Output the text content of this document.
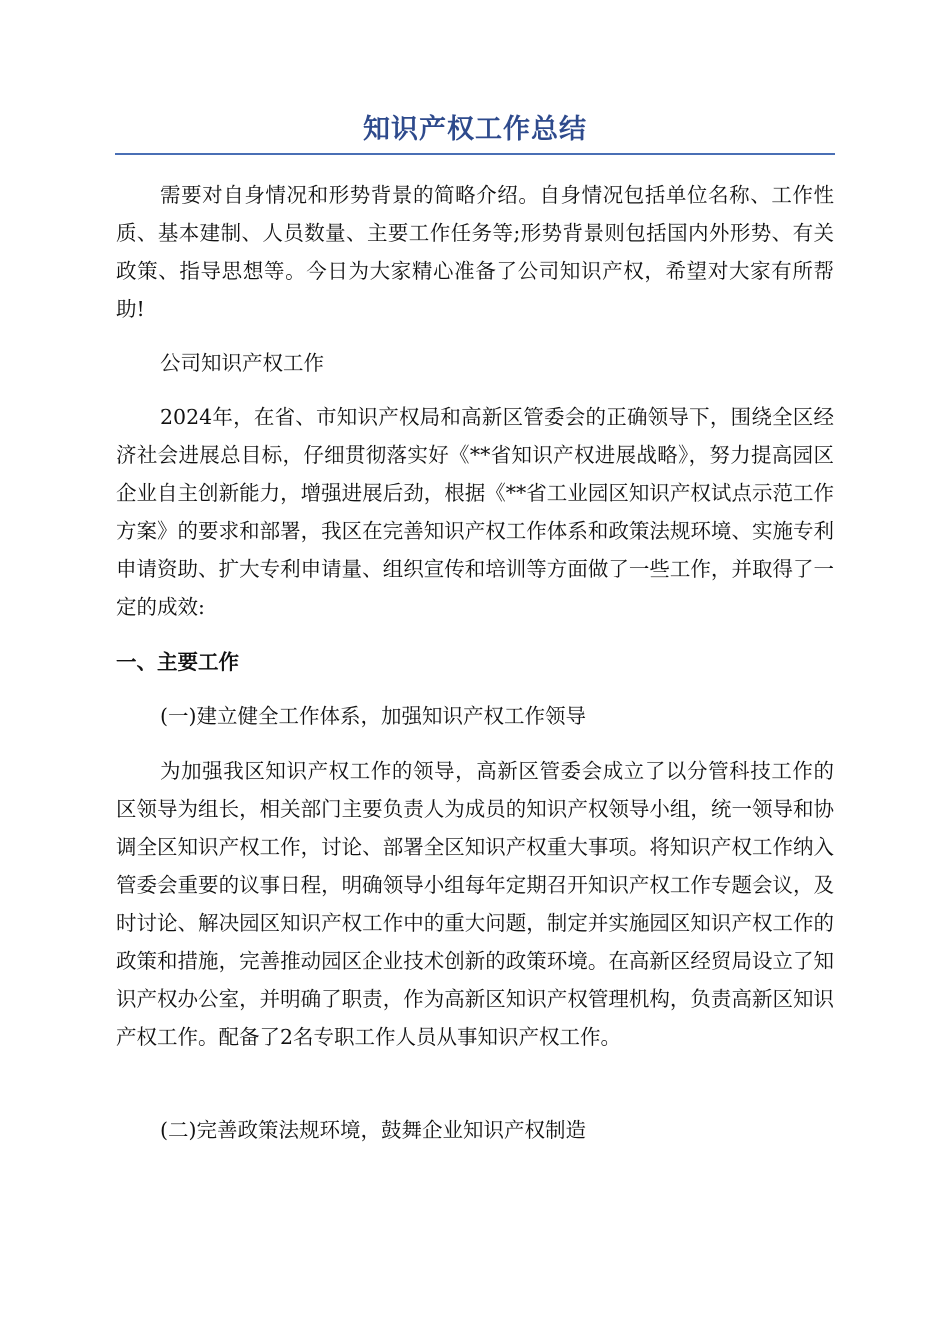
知识产权工作总结

需要对自身情况和形势背景的简略介绍。自身情况包括单位名称、工作性质、基本建制、人员数量、主要工作任务等;形势背景则包括国内外形势、有关政策、指导思想等。今日为大家精心准备了公司知识产权，希望对大家有所帮助!

公司知识产权工作

2024年，在省、市知识产权局和高新区管委会的正确领导下，围绕全区经济社会进展总目标，仔细贯彻落实好《**省知识产权进展战略》，努力提高园区企业自主创新能力，增强进展后劲，根据《**省工业园区知识产权试点示范工作方案》的要求和部署，我区在完善知识产权工作体系和政策法规环境、实施专利申请资助、扩大专利申请量、组织宣传和培训等方面做了一些工作，并取得了一定的成效:

一、主要工作

(一)建立健全工作体系，加强知识产权工作领导

为加强我区知识产权工作的领导，高新区管委会成立了以分管科技工作的区领导为组长，相关部门主要负责人为成员的知识产权领导小组，统一领导和协调全区知识产权工作，讨论、部署全区知识产权重大事项。将知识产权工作纳入管委会重要的议事日程，明确领导小组每年定期召开知识产权工作专题会议，及时讨论、解决园区知识产权工作中的重大问题，制定并实施园区知识产权工作的政策和措施，完善推动园区企业技术创新的政策环境。在高新区经贸局设立了知识产权办公室，并明确了职责，作为高新区知识产权管理机构，负责高新区知识产权工作。配备了2名专职工作人员从事知识产权工作。

(二)完善政策法规环境，鼓舞企业知识产权制造
